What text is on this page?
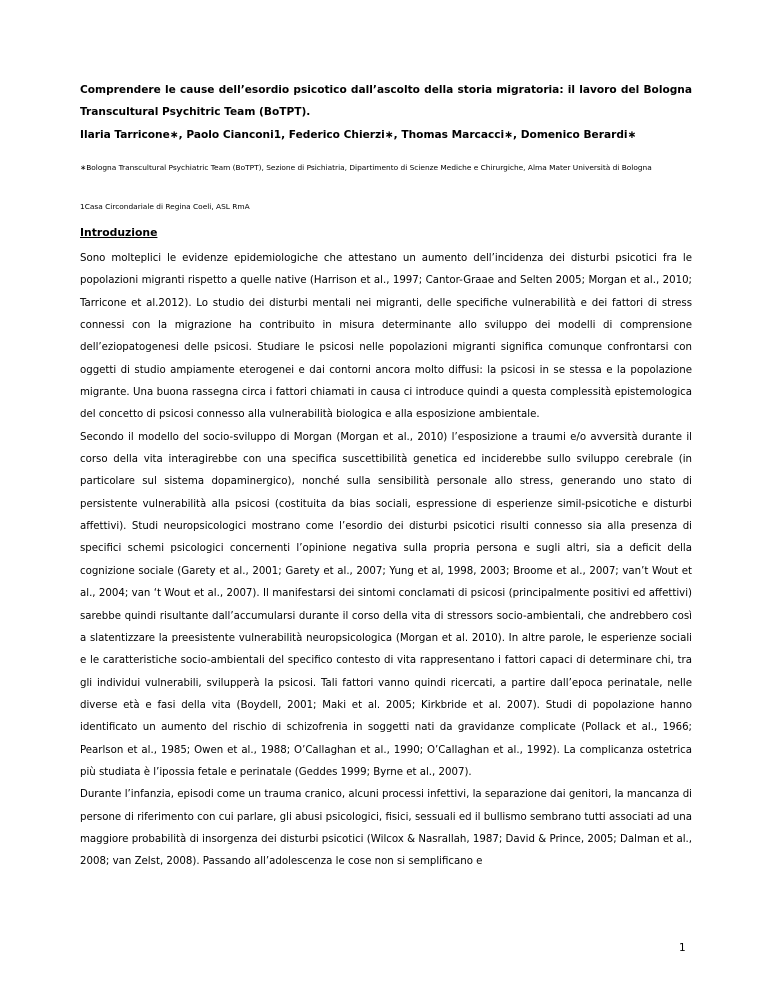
Comprendere le cause dell’esordio psicotico dall’ascolto della storia migratoria: il lavoro del Bologna Transcultural Psychitric Team (BoTPT).
Ilaria Tarricone∗, Paolo Cianconi1, Federico Chierzi∗, Thomas Marcacci∗, Domenico Berardi∗
∗Bologna Transcultural Psychiatric Team (BoTPT), Sezione di Psichiatria, Dipartimento di Scienze Mediche e Chirurgiche, Alma Mater Università di Bologna
1Casa Circondariale di Regina Coeli, ASL RmA
Introduzione

Sono molteplici le evidenze epidemiologiche che attestano un aumento dell’incidenza dei disturbi psicotici fra le popolazioni migranti rispetto a quelle native (Harrison et al., 1997; Cantor-Graae and Selten 2005; Morgan et al., 2010; Tarricone et al.2012). Lo studio dei disturbi mentali nei migranti, delle specifiche vulnerabilità e dei fattori di stress connessi con la migrazione ha contribuito in misura determinante allo sviluppo dei modelli di comprensione dell’eziopatogenesi delle psicosi. Studiare le psicosi nelle popolazioni migranti significa comunque confrontarsi con oggetti di studio ampiamente eterogenei e dai contorni ancora molto diffusi: la psicosi in se stessa e la popolazione migrante. Una buona rassegna circa i fattori chiamati in causa ci introduce quindi a questa complessità epistemologica del concetto di psicosi connesso alla vulnerabilità biologica e alla esposizione ambientale.

Secondo il modello del socio-sviluppo di Morgan (Morgan et al., 2010) l’esposizione a traumi e/o avversità durante il corso della vita interagirebbe con una specifica suscettibilità genetica ed inciderebbe sullo sviluppo cerebrale (in particolare sul sistema dopaminergico), nonché sulla sensibilità personale allo stress, generando uno stato di persistente vulnerabilità alla psicosi (costituita da bias sociali, espressione di esperienze simil-psicotiche e disturbi affettivi). Studi neuropsicologici mostrano come l’esordio dei disturbi psicotici risulti connesso sia alla presenza di specifici schemi psicologici concernenti l’opinione negativa sulla propria persona e sugli altri, sia a deficit della cognizione sociale (Garety et al., 2001; Garety et al., 2007; Yung et al, 1998, 2003; Broome et al., 2007; van’t Wout et al., 2004; van ‘t Wout et al., 2007). Il manifestarsi dei sintomi conclamati di psicosi (principalmente positivi ed affettivi) sarebbe quindi risultante dall’accumularsi durante il corso della vita di stressors socio-ambientali, che andrebbero così a slatentizzare la preesistente vulnerabilità neuropsicologica (Morgan et al. 2010). In altre parole, le esperienze sociali e le caratteristiche socio-ambientali del specifico contesto di vita rappresentano i fattori capaci di determinare chi, tra gli individui vulnerabili, svilupperà la psicosi. Tali fattori vanno quindi ricercati, a partire dall’epoca perinatale, nelle diverse età e fasi della vita (Boydell, 2001; Maki et al. 2005; Kirkbride et al. 2007). Studi di popolazione hanno identificato un aumento del rischio di schizofrenia in soggetti nati da gravidanze complicate (Pollack et al., 1966; Pearlson et al., 1985; Owen et al., 1988; O’Callaghan et al., 1990; O’Callaghan et al., 1992). La complicanza ostetrica più studiata è l’ipossia fetale e perinatale (Geddes 1999; Byrne et al., 2007).

Durante l’infanzia, episodi come un trauma cranico, alcuni processi infettivi, la separazione dai genitori, la mancanza di persone di riferimento con cui parlare, gli abusi psicologici, fisici, sessuali ed il bullismo sembrano tutti associati ad una maggiore probabilità di insorgenza dei disturbi psicotici (Wilcox & Nasrallah, 1987; David & Prince, 2005; Dalman et al., 2008; van Zelst, 2008). Passando all’adolescenza le cose non si semplificano e

1
